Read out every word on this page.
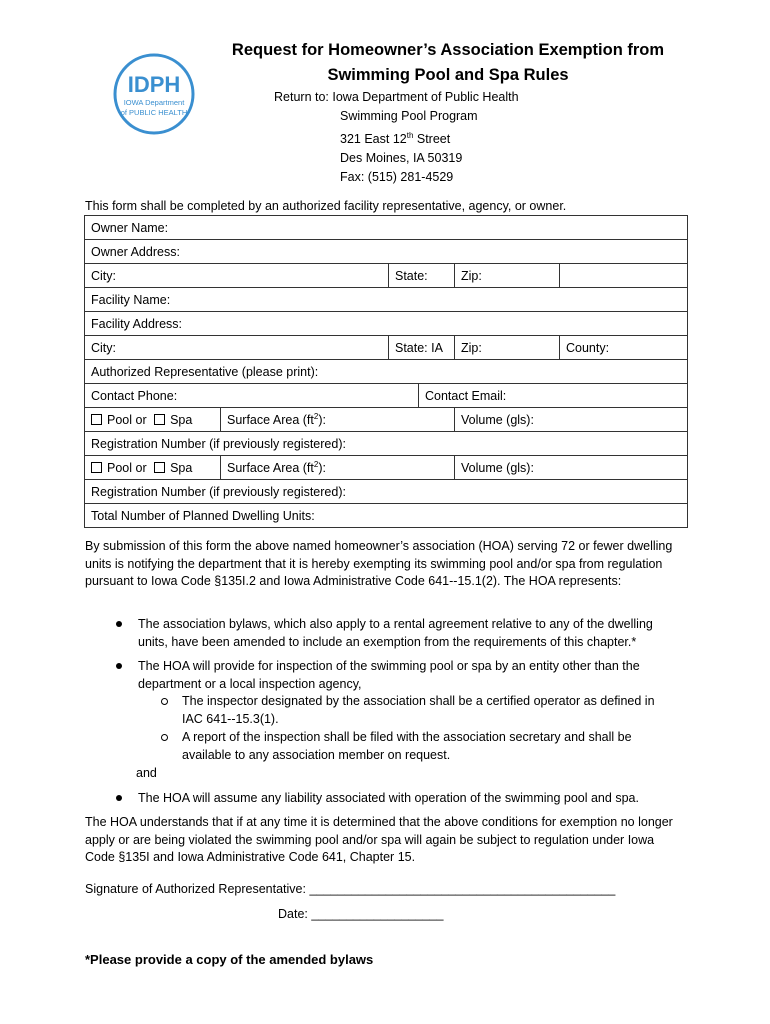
IDPH
IOWA Department
of PUBLIC HEALTH
Request for Homeowner’s Association Exemption from
Swimming Pool and Spa Rules
Return to: Iowa Department of Public Health
Swimming Pool Program
321 East 12th Street
Des Moines, IA 50319
Fax: (515) 281-4529
This form shall be completed by an authorized facility representative, agency, or owner.
Owner Name:					
Owner Address:					
City:		State:		Zip:	
Facility Name:					
Facility Address:					
City:		State: IA		Zip:	County:
Authorized Representative (please print):					
Contact Phone:			Contact Email:		
Pool or Spa	Surface Area $(ft^2)$:			Volume (gls):	
Registration Number (if previously registered):					
Pool or Spa	Surface Area $(ft^2)$:			Volume (gls):	
Registration Number (if previously registered):					
Total Number of Planned Dwelling Units:					
By submission of this form the above named homeowner’s association (HOA) serving 72 or fewer dwelling units is notifying the department that it is hereby exempting its swimming pool and/or spa from regulation pursuant to Iowa Code §135I.2 and Iowa Administrative Code 641--15.1(2). The HOA represents:
The association bylaws, which also apply to a rental agreement relative to any of the dwelling units, have been amended to include an exemption from the requirements of this chapter.*
The HOA will provide for inspection of the swimming pool or spa by an entity other than the department or a local inspection agency,
The inspector designated by the association shall be a certified operator as defined in IAC 641--15.3(1).
A report of the inspection shall be filed with the association secretary and shall be available to any association member on request.
and
The HOA will assume any liability associated with operation of the swimming pool and spa.
The HOA understands that if at any time it is determined that the above conditions for exemption no longer apply or are being violated the swimming pool and/or spa will again be subject to regulation under Iowa Code §135I and Iowa Administrative Code 641, Chapter 15.
Signature of Authorized Representative: ____________________________________________
Date: ___________________
*Please provide a copy of the amended bylaws
